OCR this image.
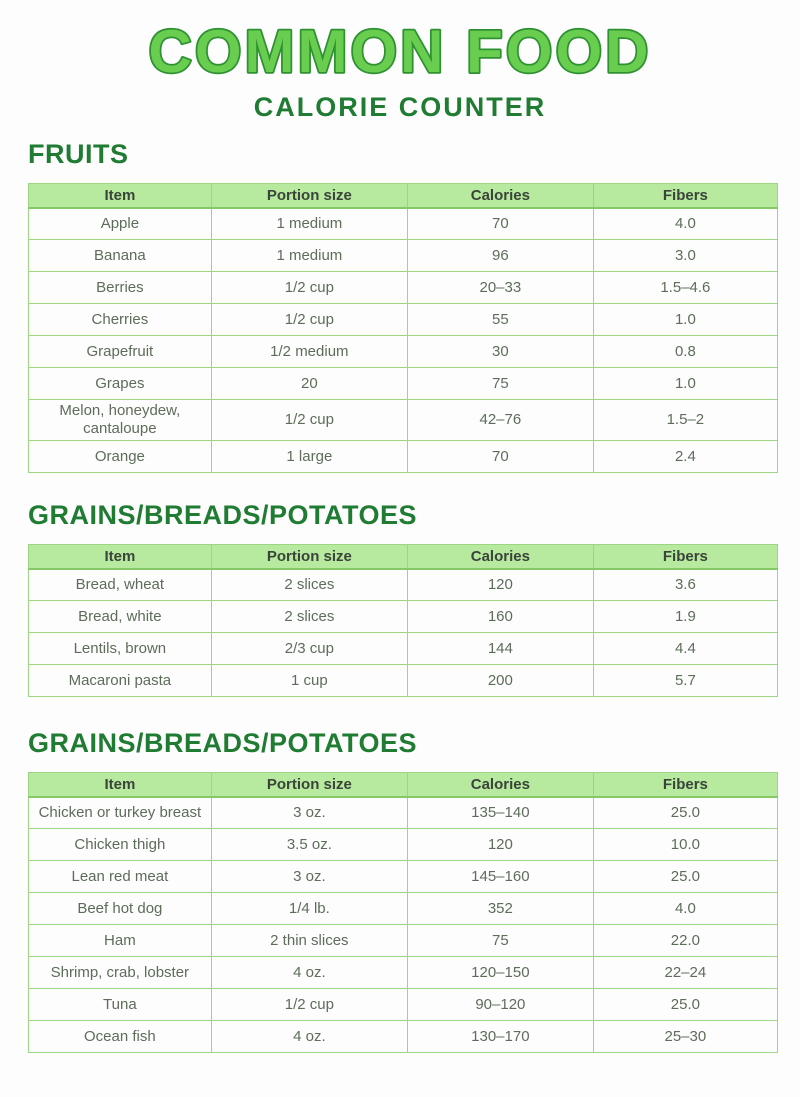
COMMON FOOD
CALORIE COUNTER
FRUITS
Item	Portion size	Calories	Fibers
Apple	1 medium	70	4.0
Banana	1 medium	96	3.0
Berries	1/2 cup	20–33	1.5–4.6
Cherries	1/2 cup	55	1.0
Grapefruit	1/2 medium	30	0.8
Grapes	20	75	1.0
Melon, honeydew, cantaloupe	1/2 cup	42–76	1.5–2
Orange	1 large	70	2.4
GRAINS/BREADS/POTATOES
Item	Portion size	Calories	Fibers
Bread, wheat	2 slices	120	3.6
Bread, white	2 slices	160	1.9
Lentils, brown	2/3 cup	144	4.4
Macaroni pasta	1 cup	200	5.7
GRAINS/BREADS/POTATOES
Item	Portion size	Calories	Fibers
Chicken or turkey breast	3 oz.	135–140	25.0
Chicken thigh	3.5 oz.	120	10.0
Lean red meat	3 oz.	145–160	25.0
Beef hot dog	1/4 lb.	352	4.0
Ham	2 thin slices	75	22.0
Shrimp, crab, lobster	4 oz.	120–150	22–24
Tuna	1/2 cup	90–120	25.0
Ocean fish	4 oz.	130–170	25–30
